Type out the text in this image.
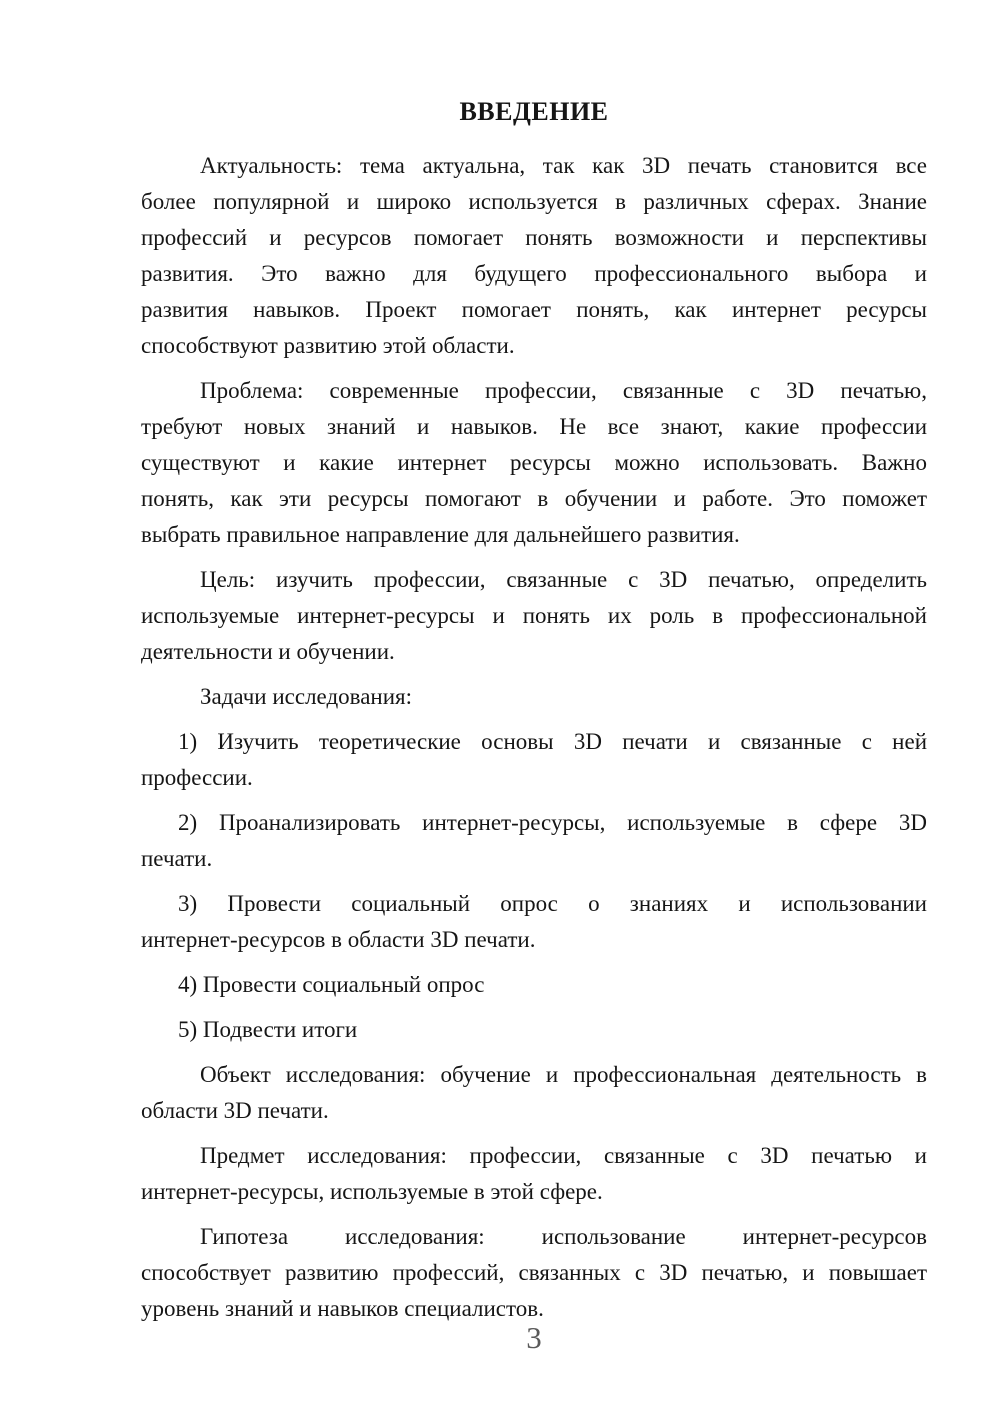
ВВЕДЕНИЕ

Актуальность: тема актуальна, так как 3D печать становится все
более популярной и широко используется в различных сферах. Знание
профессий и ресурсов помогает понять возможности и перспективы
развития. Это важно для будущего профессионального выбора и
развития навыков. Проект помогает понять, как интернет ресурсы
способствуют развитию этой области.

Проблема: современные профессии, связанные с 3D печатью,
требуют новых знаний и навыков. Не все знают, какие профессии
существуют и какие интернет ресурсы можно использовать. Важно
понять, как эти ресурсы помогают в обучении и работе. Это поможет
выбрать правильное направление для дальнейшего развития.

Цель: изучить профессии, связанные с 3D печатью, определить
используемые интернет-ресурсы и понять их роль в профессиональной
деятельности и обучении.

Задачи исследования:

1) Изучить теоретические основы 3D печати и связанные с ней
профессии.

2) Проанализировать интернет-ресурсы, используемые в сфере 3D
печати.

3) Провести социальный опрос о знаниях и использовании
интернет-ресурсов в области 3D печати.

4) Провести социальный опрос

5) Подвести итоги

Объект исследования: обучение и профессиональная деятельность в
области 3D печати.

Предмет исследования: профессии, связанные с 3D печатью и
интернет-ресурсы, используемые в этой сфере.

Гипотеза исследования: использование интернет-ресурсов
способствует развитию профессий, связанных с 3D печатью, и повышает
уровень знаний и навыков специалистов.

3
